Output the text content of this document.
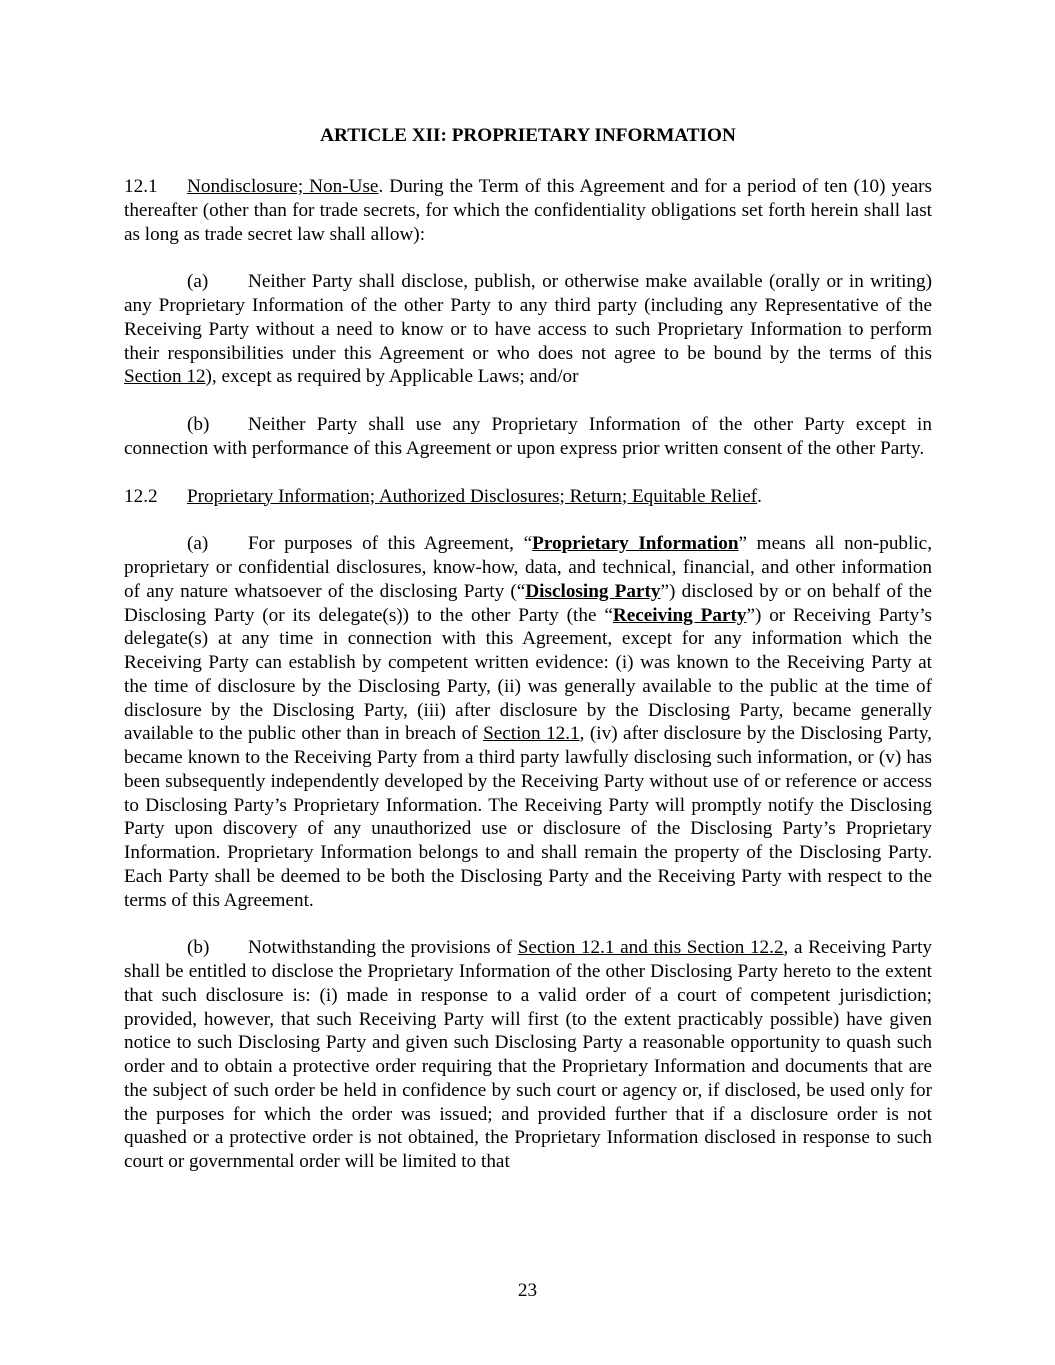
ARTICLE XII: PROPRIETARY INFORMATION

12.1 Nondisclosure; Non-Use. During the Term of this Agreement and for a period of ten (10) years thereafter (other than for trade secrets, for which the confidentiality obligations set forth herein shall last as long as trade secret law shall allow):

(a) Neither Party shall disclose, publish, or otherwise make available (orally or in writing) any Proprietary Information of the other Party to any third party (including any Representative of the Receiving Party without a need to know or to have access to such Proprietary Information to perform their responsibilities under this Agreement or who does not agree to be bound by the terms of this Section 12), except as required by Applicable Laws; and/or

(b) Neither Party shall use any Proprietary Information of the other Party except in connection with performance of this Agreement or upon express prior written consent of the other Party.

12.2 Proprietary Information; Authorized Disclosures; Return; Equitable Relief.

(a) For purposes of this Agreement, “Proprietary Information” means all non-public, proprietary or confidential disclosures, know-how, data, and technical, financial, and other information of any nature whatsoever of the disclosing Party (“Disclosing Party”) disclosed by or on behalf of the Disclosing Party (or its delegate(s)) to the other Party (the “Receiving Party”) or Receiving Party’s delegate(s) at any time in connection with this Agreement, except for any information which the Receiving Party can establish by competent written evidence: (i) was known to the Receiving Party at the time of disclosure by the Disclosing Party, (ii) was generally available to the public at the time of disclosure by the Disclosing Party, (iii) after disclosure by the Disclosing Party, became generally available to the public other than in breach of Section 12.1, (iv) after disclosure by the Disclosing Party, became known to the Receiving Party from a third party lawfully disclosing such information, or (v) has been subsequently independently developed by the Receiving Party without use of or reference or access to Disclosing Party’s Proprietary Information. The Receiving Party will promptly notify the Disclosing Party upon discovery of any unauthorized use or disclosure of the Disclosing Party’s Proprietary Information. Proprietary Information belongs to and shall remain the property of the Disclosing Party. Each Party shall be deemed to be both the Disclosing Party and the Receiving Party with respect to the terms of this Agreement.

(b) Notwithstanding the provisions of Section 12.1 and this Section 12.2, a Receiving Party shall be entitled to disclose the Proprietary Information of the other Disclosing Party hereto to the extent that such disclosure is: (i) made in response to a valid order of a court of competent jurisdiction; provided, however, that such Receiving Party will first (to the extent practicably possible) have given notice to such Disclosing Party and given such Disclosing Party a reasonable opportunity to quash such order and to obtain a protective order requiring that the Proprietary Information and documents that are the subject of such order be held in confidence by such court or agency or, if disclosed, be used only for the purposes for which the order was issued; and provided further that if a disclosure order is not quashed or a protective order is not obtained, the Proprietary Information disclosed in response to such court or governmental order will be limited to that

23
